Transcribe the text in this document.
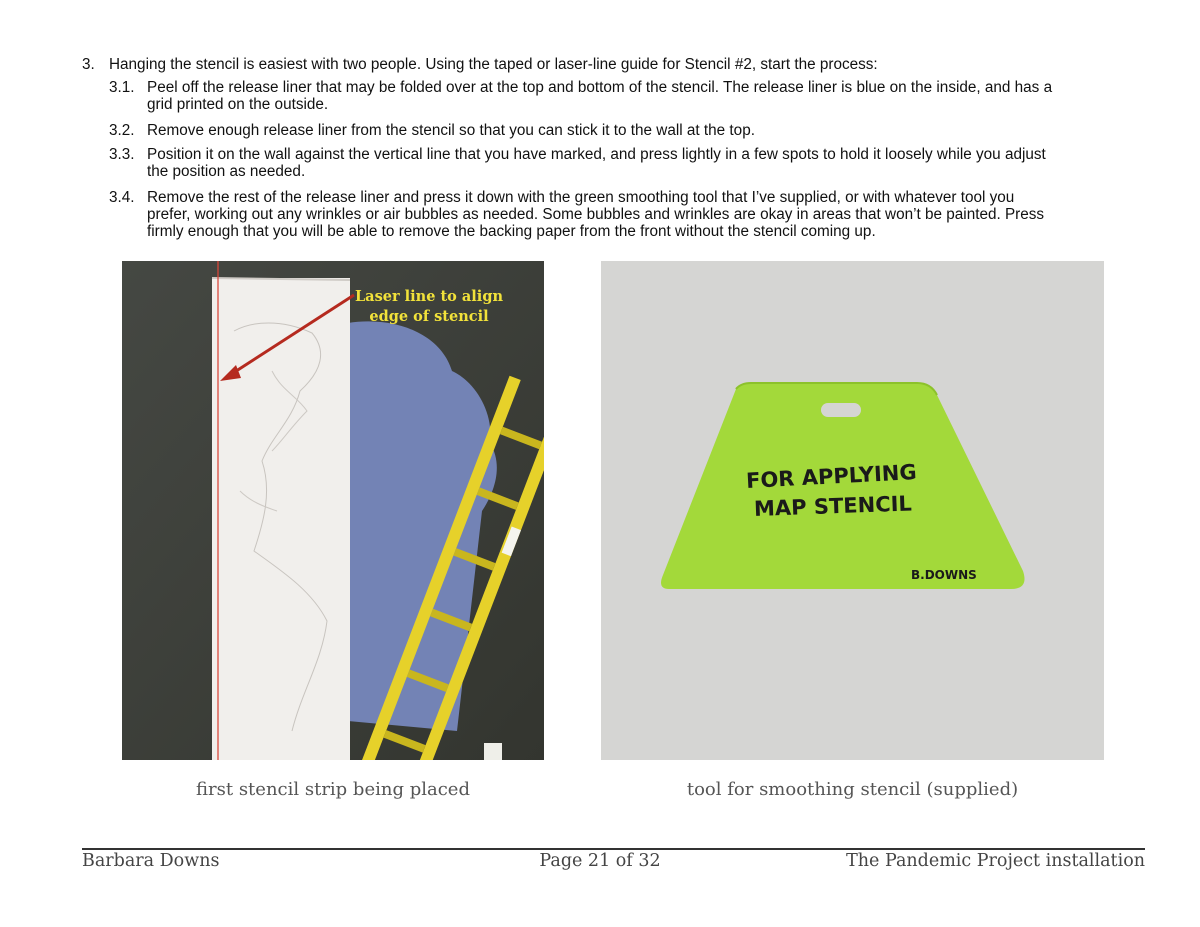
3. Hanging the stencil is easiest with two people. Using the taped or laser-line guide for Stencil #2, start the process:
3.1. Peel off the release liner that may be folded over at the top and bottom of the stencil. The release liner is blue on the inside, and has a
grid printed on the outside.
3.2. Remove enough release liner from the stencil so that you can stick it to the wall at the top.
3.3. Position it on the wall against the vertical line that you have marked, and press lightly in a few spots to hold it loosely while you adjust
the position as needed.
3.4. Remove the rest of the release liner and press it down with the green smoothing tool that I’ve supplied, or with whatever tool you
prefer, working out any wrinkles or air bubbles as needed. Some bubbles and wrinkles are okay in areas that won’t be painted. Press
firmly enough that you will be able to remove the backing paper from the front without the stencil coming up.
Laser line to align
edge of stencil
FOR APPLYING
MAP STENCIL
B.DOWNS
first stencil strip being placed	tool for smoothing stencil (supplied)
Barbara Downs	Page 21 of 32	The Pandemic Project installation
